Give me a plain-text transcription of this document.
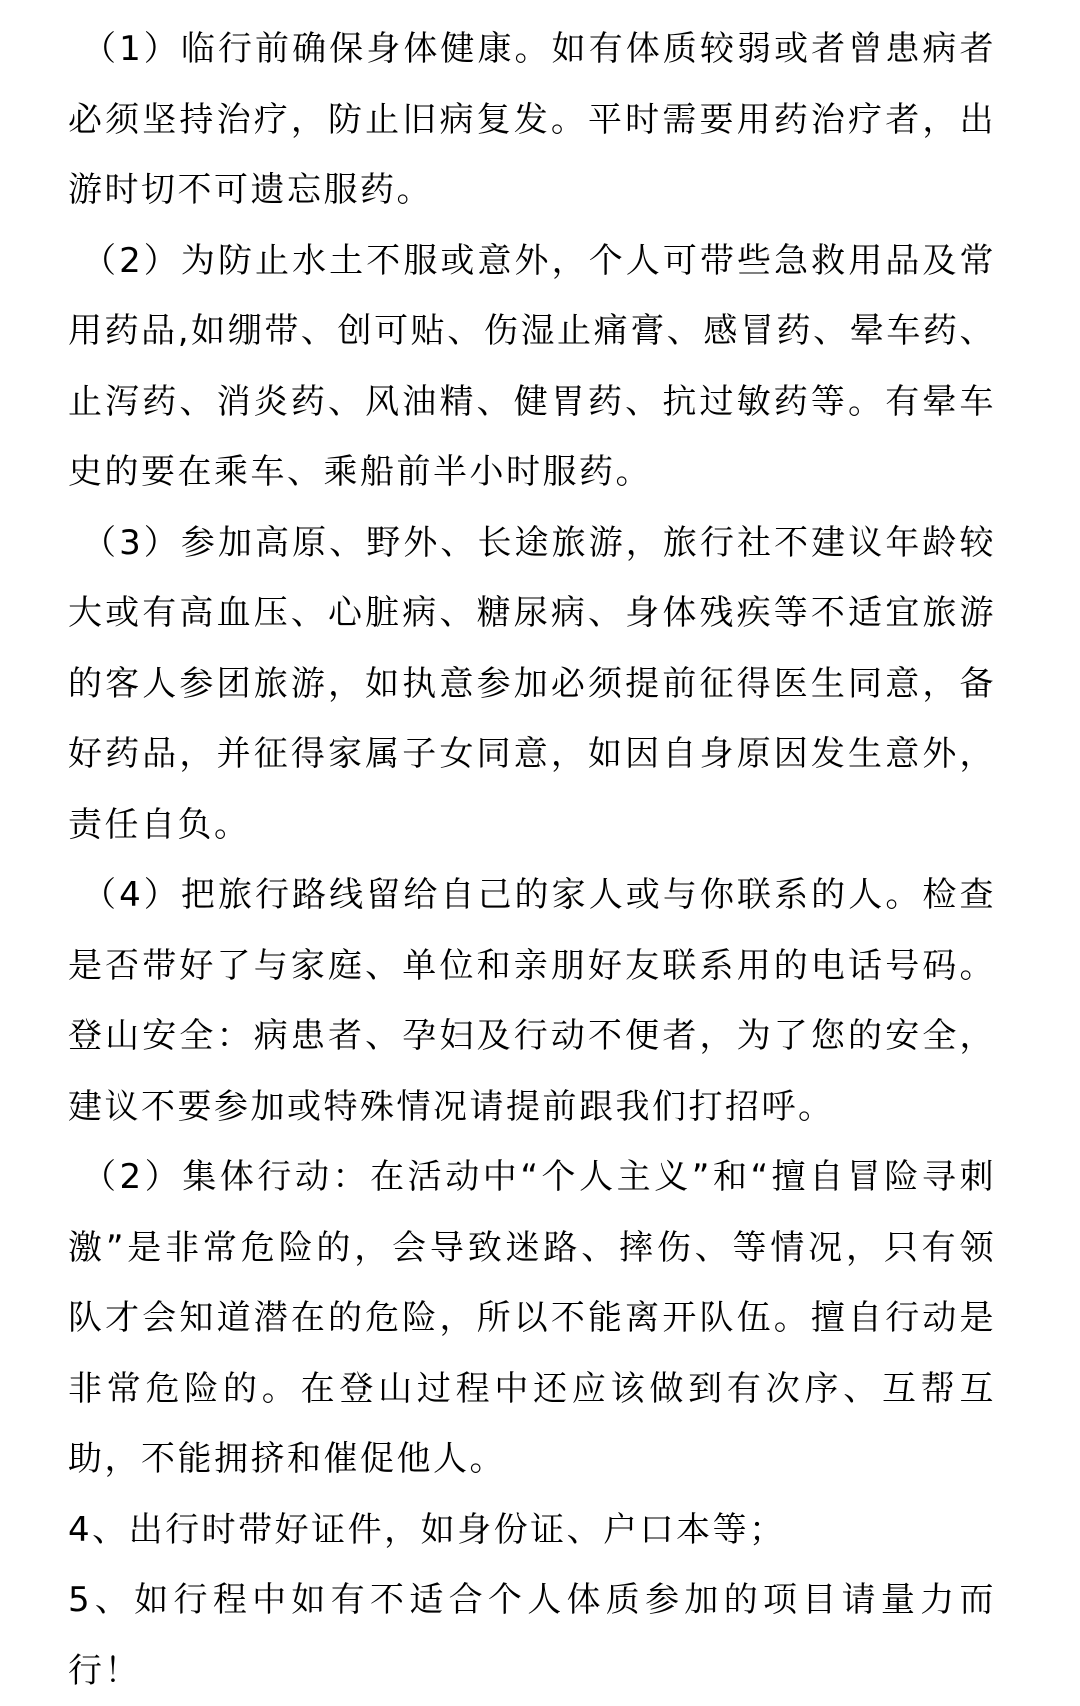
（1）临行前确保身体健康。如有体质较弱或者曾患病者必须坚持治疗，防止旧病复发。平时需要用药治疗者，出游时切不可遗忘服药。

（2）为防止水土不服或意外，个人可带些急救用品及常用药品,如绷带、创可贴、伤湿止痛膏、感冒药、晕车药、止泻药、消炎药、风油精、健胃药、抗过敏药等。有晕车史的要在乘车、乘船前半小时服药。

（3）参加高原、野外、长途旅游，旅行社不建议年龄较大或有高血压、心脏病、糖尿病、身体残疾等不适宜旅游的客人参团旅游，如执意参加必须提前征得医生同意，备好药品，并征得家属子女同意，如因自身原因发生意外，责任自负。

（4）把旅行路线留给自己的家人或与你联系的人。检查是否带好了与家庭、单位和亲朋好友联系用的电话号码。登山安全：病患者、孕妇及行动不便者，为了您的安全，建议不要参加或特殊情况请提前跟我们打招呼。

（2）集体行动：在活动中“个人主义”和“擅自冒险寻刺激”是非常危险的，会导致迷路、摔伤、等情况，只有领队才会知道潜在的危险，所以不能离开队伍。擅自行动是非常危险的。在登山过程中还应该做到有次序、互帮互助，不能拥挤和催促他人。

4、出行时带好证件，如身份证、户口本等；

5、如行程中如有不适合个人体质参加的项目请量力而行！
